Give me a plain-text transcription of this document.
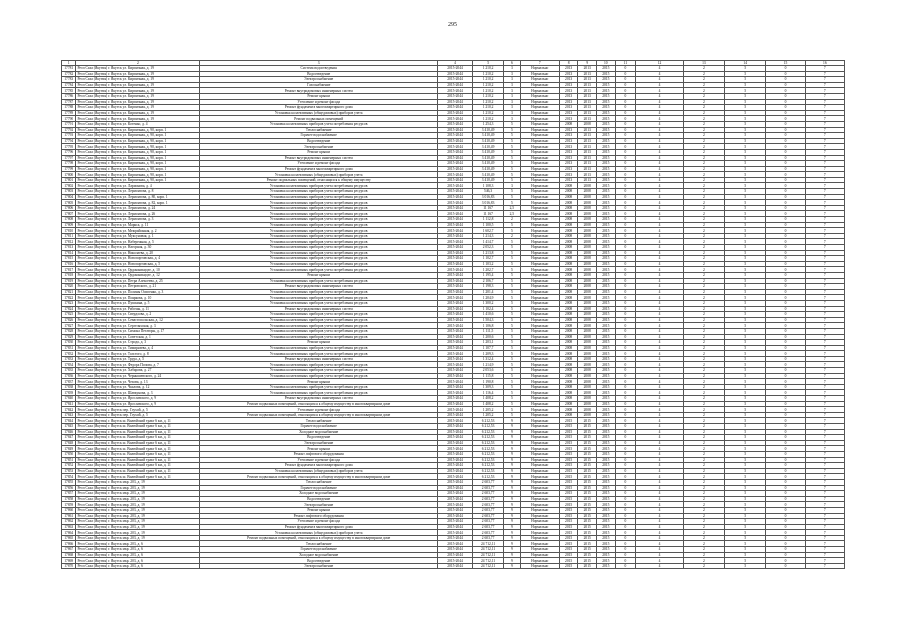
295
1	2	3	4	5	6	7	8	9	10	11	12	13	14	15	16
17781	Респ Саха (Якутия) г. Якутск ул. Кирпичная, д. 19	Система водоотведения	2015-2044	1 210,2	3	Нормально	2013	2013	2015	0	4	2	5	0	7
17782	Респ Саха (Якутия) г. Якутск ул. Кирпичная, д. 19	Водоотведение	2015-2044	1 210,2	3	Нормально	2013	2013	2015	0	4	2	5	0	7
17783	Респ Саха (Якутия) г. Якутск ул. Кирпичная, д. 19	Электроснабжение	2015-2044	1 210,2	3	Нормально	2013	2013	2015	0	4	2	5	0	7
17784	Респ Саха (Якутия) г. Якутск ул. Кирпичная, д. 19	Газоснабжение	2015-2044	1 210,2	3	Нормально	2013	2013	2015	0	4	2	5	0	7
17785	Респ Саха (Якутия) г. Якутск ул. Кирпичная, д. 19	Ремонт внутридомовых инженерных систем	2015-2044	1 210,2	3	Нормально	2013	2013	2015	0	4	2	5	0	7
17786	Респ Саха (Якутия) г. Якутск ул. Кирпичная, д. 19	Ремонт крыши	2015-2044	1 210,2	3	Нормально	2013	2013	2015	0	4	2	5	0	7
17787	Респ Саха (Якутия) г. Якутск ул. Кирпичная, д. 19	Утепление и ремонт фасада	2015-2044	1 210,2	3	Нормально	2013	2013	2015	0	4	2	5	0	7
17788	Респ Саха (Якутия) г. Якутск ул. Кирпичная, д. 19	Ремонт фундамента многоквартирного дома	2015-2044	1 210,2	3	Нормально	2013	2013	2015	0	4	2	5	0	7
17789	Респ Саха (Якутия) г. Якутск ул. Кирпичная, д. 19	Установка коллективных (общедомовых) приборов учета	2015-2044	1 210,2	3	Нормально	2013	2013	2015	0	4	2	5	0	7
17790	Респ Саха (Якутия) г. Якутск ул. Кирпичная, д. 19	Ремонт подвальных помещений	2015-2044	1 210,2	3	Нормально	2013	2013	2015	0	4	2	5	0	7
17791	Респ Саха (Якутия) г. Якутск ул. Котенко, д. 4	Установка коллективных приборов учета потребления ресурсов	2015-2044	1 254,3	5	Нормально	2008	2008	2015	0	4	2	5	0	7
17792	Респ Саха (Якутия) г. Якутск ул. Кирпичная, д. 90, корп. 1	Теплоснабжение	2015-2044	3 410,49	5	Нормально	2013	2013	2015	0	4	2	5	0	7
17793	Респ Саха (Якутия) г. Якутск ул. Кирпичная, д. 90, корп. 1	Горячее водоснабжение	2015-2044	3 410,49	5	Нормально	2013	2013	2015	0	4	2	5	0	7
17794	Респ Саха (Якутия) г. Якутск ул. Кирпичная, д. 90, корп. 1	Водоотведение	2015-2044	3 410,49	5	Нормально	2013	2013	2015	0	4	2	5	0	7
17795	Респ Саха (Якутия) г. Якутск ул. Кирпичная, д. 90, корп. 1	Электроснабжение	2015-2044	3 410,49	5	Нормально	2013	2013	2015	0	4	2	5	0	7
17796	Респ Саха (Якутия) г. Якутск ул. Кирпичная, д. 90, корп. 1	Ремонт крыши	2015-2044	3 410,49	5	Нормально	2013	2013	2015	0	4	2	5	0	7
17797	Респ Саха (Якутия) г. Якутск ул. Кирпичная, д. 90, корп. 1	Ремонт внутридомовых инженерных систем	2015-2044	3 410,49	5	Нормально	2013	2013	2015	0	4	2	5	0	7
17798	Респ Саха (Якутия) г. Якутск ул. Кирпичная, д. 90, корп. 1	Утепление и ремонт фасада	2015-2044	3 410,49	5	Нормально	2013	2013	2015	0	4	2	5	0	7
17799	Респ Саха (Якутия) г. Якутск ул. Кирпичная, д. 90, корп. 1	Ремонт фундамента многоквартирного дома	2015-2044	3 410,49	5	Нормально	2013	2013	2015	0	4	2	5	0	7
17800	Респ Саха (Якутия) г. Якутск ул. Кирпичная, д. 90, корп. 1	Установка коллективных (общедомовых) приборов учета	2015-2044	3 410,49	5	Нормально	2013	2013	2015	0	4	2	5	0	7
17801	Респ Саха (Якутия) г. Якутск ул. Кирпичная, д. 90, корп. 1	Ремонт подвальных помещений, относящихся к общему имуществу	2015-2044	3 410,49	5	Нормально	2013	2013	2015	0	4	2	5	0	7
17802	Респ Саха (Якутия) г. Якутск ул. Ларионова, д. 4	Установка коллективных приборов учета потребления ресурсов	2015-2044	1 108,3	3	Нормально	2008	2008	2015	0	4	2	5	0	7
17803	Респ Саха (Якутия) г. Якутск ул. Лермонтова, д. 8	Установка коллективных приборов учета потребления ресурсов	2015-2044	546,3	5	Нормально	2008	2008	2015	0	4	2	5	0	7
17804	Респ Саха (Якутия) г. Якутск ул. Лермонтова, д. 80, корп. 1	Установка коллективных приборов учета потребления ресурсов	2015-2044	3 016,83	5	Нормально	2008	2008	2015	0	4	2	5	0	7
17805	Респ Саха (Якутия) г. Якутск ул. Лермонтова, д. 82, корп. 1	Установка коллективных приборов учета потребления ресурсов	2015-2044	3 016,83	5	Нормально	2008	2008	2015	0	4	2	5	0	7
17806	Респ Саха (Якутия) г. Якутск ул. Лермонтова, д. 24	Установка коллективных приборов учета потребления ресурсов	2015-2044	11 167	2,5	Нормально	2008	2008	2015	0	4	2	5	0	7
17807	Респ Саха (Якутия) г. Якутск ул. Лермонтова, д. 26	Установка коллективных приборов учета потребления ресурсов	2015-2044	11 167	2,5	Нормально	2008	2008	2015	0	4	2	5	0	7
17808	Респ Саха (Якутия) г. Якутск ул. Лермонтова, д. 3	Установка коллективных приборов учета потребления ресурсов	2015-2044	1 112,8	2	Нормально	2008	2008	2015	0	4	2	5	0	7
17809	Респ Саха (Якутия) г. Якутск ул. Маркса, д. 11	Установка коллективных приборов учета потребления ресурсов	2015-2044	1 100,5	5	Нормально	2008	2008	2015	0	4	2	5	0	7
17810	Респ Саха (Якутия) г. Якутск ул. Межрайонная, д. 2	Установка коллективных приборов учета потребления ресурсов	2015-2044	1 602,7	5	Нормально	2008	2008	2015	0	4	2	5	0	7
17811	Респ Саха (Якутия) г. Якутск ул. Муксуновая, д. 1	Установка коллективных приборов учета потребления ресурсов	2015-2044	1 214,3	2	Нормально	2008	2008	2015	0	4	2	5	0	7
17812	Респ Саха (Якутия) г. Якутск ул. Набережная, д. 5	Установка коллективных приборов учета потребления ресурсов	2015-2044	1 414,7	5	Нормально	2008	2008	2015	0	4	2	5	0	7
17813	Респ Саха (Якутия) г. Якутск ул. Нагорная, д. 30	Установка коллективных приборов учета потребления ресурсов	2015-2044	2 052,3	5	Нормально	2008	2008	2015	0	4	2	5	0	7
17814	Респ Саха (Якутия) г. Якутск ул. Николаева, д. 20	Установка коллективных приборов учета потребления ресурсов	2015-2044	1 213,8	5	Нормально	2008	2008	2015	0	4	2	5	0	7
17815	Респ Саха (Якутия) г. Якутск ул. Новопортовская, д. 4	Установка коллективных приборов учета потребления ресурсов	2015-2044	1 102,7	5	Нормально	2008	2008	2015	0	4	2	5	0	7
17816	Респ Саха (Якутия) г. Якутск ул. Новопортовская, д. 5	Установка коллективных приборов учета потребления ресурсов	2015-2044	1 103,2	5	Нормально	2008	2008	2015	0	4	2	5	0	7
17817	Респ Саха (Якутия) г. Якутск ул. Орджоникидзе, д. 10	Установка коллективных приборов учета потребления ресурсов	2015-2044	1 202,7	5	Нормально	2008	2008	2015	0	4	2	5	0	7
17818	Респ Саха (Якутия) г. Якутск ул. Орджоникидзе, д. 12	Ремонт крыши	2015-2044	1 195,4	5	Нормально	2008	2008	2015	0	4	2	5	0	7
17819	Респ Саха (Якутия) г. Якутск ул. Петра Алексеева, д. 25	Установка коллективных приборов учета потребления ресурсов	2015-2044	2 106,7	5	Нормально	2008	2008	2015	0	4	2	5	0	7
17820	Респ Саха (Якутия) г. Якутск ул. Петровского, д. 21	Ремонт внутридомовых инженерных систем	2015-2044	1 198,3	5	Нормально	2008	2008	2015	0	4	2	5	0	7
17821	Респ Саха (Якутия) г. Якутск ул. Полины Осипенко, д. 3	Установка коллективных приборов учета потребления ресурсов	2015-2044	1 201,4	5	Нормально	2008	2008	2015	0	4	2	5	0	7
17822	Респ Саха (Якутия) г. Якутск ул. Пояркова, д. 10	Установка коллективных приборов учета потребления ресурсов	2015-2044	1 204,9	5	Нормально	2008	2008	2015	0	4	2	5	0	7
17823	Респ Саха (Якутия) г. Якутск ул. Пушкина, д. 5	Установка коллективных приборов учета потребления ресурсов	2015-2044	1 300,2	5	Нормально	2008	2008	2015	0	4	2	5	0	7
17824	Респ Саха (Якутия) г. Якутск ул. Рабочая, д. 11	Ремонт внутридомовых инженерных систем	2015-2044	1 102,4	5	Нормально	2008	2008	2015	0	4	2	5	0	7
17825	Респ Саха (Якутия) г. Якутск ул. Свердлова, д. 2	Установка коллективных приборов учета потребления ресурсов	2015-2044	1 410,6	5	Нормально	2008	2008	2015	0	4	2	5	0	7
17826	Респ Саха (Якутия) г. Якутск ул. Севастопольская, д. 12	Установка коллективных приборов учета потребления ресурсов	2015-2044	1 504,3	5	Нормально	2008	2008	2015	0	4	2	5	0	7
17827	Респ Саха (Якутия) г. Якутск ул. Сергеляхская, д. 3	Установка коллективных приборов учета потребления ресурсов	2015-2044	1 106,8	5	Нормально	2008	2008	2015	0	4	2	5	0	7
17828	Респ Саха (Якутия) г. Якутск ул. Симона Петлюры, д. 17	Установка коллективных приборов учета потребления ресурсов	2015-2044	1 111,5	5	Нормально	2008	2008	2015	0	4	2	5	0	7
17829	Респ Саха (Якутия) г. Якутск ул. Советская, д. 1	Установка коллективных приборов учета потребления ресурсов	2015-2044	1 200,6	5	Нормально	2008	2008	2015	0	4	2	5	0	7
17830	Респ Саха (Якутия) г. Якутск ул. Строда, д. 3	Ремонт крыши	2015-2044	1 203,1	5	Нормально	2008	2008	2015	0	4	2	5	0	7
17831	Респ Саха (Якутия) г. Якутск ул. Тимирязева, д. 4	Установка коллективных приборов учета потребления ресурсов	2015-2044	1 107,7	5	Нормально	2008	2008	2015	0	4	2	5	0	7
17832	Респ Саха (Якутия) г. Якутск ул. Толстого, д. 8	Установка коллективных приборов учета потребления ресурсов	2015-2044	1 209,3	5	Нормально	2008	2008	2015	0	4	2	5	0	7
17833	Респ Саха (Якутия) г. Якутск ул. Труда, д. 5	Ремонт внутридомовых инженерных систем	2015-2044	1 312,4	5	Нормально	2008	2008	2015	0	4	2	5	0	7
17834	Респ Саха (Якутия) г. Якутск ул. Федора Попова, д. 7	Установка коллективных приборов учета потребления ресурсов	2015-2044	1 214,9	5	Нормально	2008	2008	2015	0	4	2	5	0	7
17835	Респ Саха (Якутия) г. Якутск ул. Хабарова, д. 27	Установка коллективных приборов учета потребления ресурсов	2015-2044	2 053,6	5	Нормально	2008	2008	2015	0	4	2	5	0	7
17836	Респ Саха (Якутия) г. Якутск ул. Чернышевского, д. 24	Установка коллективных приборов учета потребления ресурсов	2015-2044	1 115,8	5	Нормально	2008	2008	2015	0	4	2	5	0	7
17837	Респ Саха (Якутия) г. Якутск ул. Чехова, д. 13	Ремонт крыши	2015-2044	1 190,8	5	Нормально	2008	2008	2015	0	4	2	5	0	7
17838	Респ Саха (Якутия) г. Якутск ул. Чкалова, д. 12	Установка коллективных приборов учета потребления ресурсов	2015-2044	1 309,3	5	Нормально	2008	2008	2015	0	4	2	5	0	7
17839	Респ Саха (Якутия) г. Якутск ул. Шавкунова, д. 3	Установка коллективных приборов учета потребления ресурсов	2015-2044	1 116,4	5	Нормально	2008	2008	2015	0	4	2	5	0	7
17840	Респ Саха (Якутия) г. Якутск ул. Ярославского, д. 9	Ремонт внутридомовых инженерных систем	2015-2044	1 408,2	5	Нормально	2008	2008	2015	0	4	2	5	0	7
17841	Респ Саха (Якутия) г. Якутск ул. Ярославского, д. 9	Ремонт подвальных помещений, относящихся к общему имуществу в многоквартирном доме	2015-2044	1 408,2	5	Нормально	2008	2008	2015	0	4	2	5	0	7
17842	Респ Саха (Якутия) г. Якутск пер. Глухой, д. 5	Утепление и ремонт фасада	2015-2044	1 205,2	5	Нормально	2008	2008	2015	0	4	2	5	0	7
17843	Респ Саха (Якутия) г. Якутск пер. Глухой, д. 5	Ремонт подвальных помещений, относящихся к общему имуществу в многоквартирном доме	2015-2044	1 205,2	5	Нормально	2008	2008	2015	0	4	2	5	0	7
17844	Респ Саха (Якутия) г. Якутск ш. Вилюйский тракт 6 км, д. 11	Теплоснабжение	2015-2044	6 212,53	9	Нормально	2015	2015	2015	0	4	2	5	0	7
17845	Респ Саха (Якутия) г. Якутск ш. Вилюйский тракт 6 км, д. 11	Горячее водоснабжение	2015-2044	6 212,53	9	Нормально	2015	2015	2015	0	4	2	5	0	7
17846	Респ Саха (Якутия) г. Якутск ш. Вилюйский тракт 6 км, д. 11	Холодное водоснабжение	2015-2044	6 212,53	9	Нормально	2015	2015	2015	0	4	2	5	0	7
17847	Респ Саха (Якутия) г. Якутск ш. Вилюйский тракт 6 км, д. 11	Водоотведение	2015-2044	6 212,53	9	Нормально	2015	2015	2015	0	4	2	5	0	7
17848	Респ Саха (Якутия) г. Якутск ш. Вилюйский тракт 6 км, д. 11	Электроснабжение	2015-2044	6 212,53	9	Нормально	2015	2015	2015	0	4	2	5	0	7
17849	Респ Саха (Якутия) г. Якутск ш. Вилюйский тракт 6 км, д. 11	Ремонт крыши	2015-2044	6 212,53	9	Нормально	2015	2015	2015	0	4	2	5	0	7
17850	Респ Саха (Якутия) г. Якутск ш. Вилюйский тракт 6 км, д. 11	Ремонт лифтового оборудования	2015-2044	6 212,53	9	Нормально	2015	2015	2015	0	4	2	5	0	7
17851	Респ Саха (Якутия) г. Якутск ш. Вилюйский тракт 6 км, д. 11	Утепление и ремонт фасада	2015-2044	6 212,53	9	Нормально	2015	2015	2015	0	4	2	5	0	7
17852	Респ Саха (Якутия) г. Якутск ш. Вилюйский тракт 6 км, д. 11	Ремонт фундамента многоквартирного дома	2015-2044	6 212,53	9	Нормально	2015	2015	2015	0	4	2	5	0	7
17853	Респ Саха (Якутия) г. Якутск ш. Вилюйский тракт 6 км, д. 11	Установка коллективных (общедомовых) приборов учета	2015-2044	6 212,53	9	Нормально	2015	2015	2015	0	4	2	5	0	7
17854	Респ Саха (Якутия) г. Якутск ш. Вилюйский тракт 6 км, д. 11	Ремонт подвальных помещений, относящихся к общему имуществу в многоквартирном доме	2015-2044	6 212,53	9	Нормально	2015	2015	2015	0	4	2	5	0	7
17855	Респ Саха (Якутия) г. Якутск мкр. 203, д. 19	Теплоснабжение	2015-2044	2 603,77	9	Нормально	2015	2015	2015	0	4	2	5	0	7
17856	Респ Саха (Якутия) г. Якутск мкр. 203, д. 19	Горячее водоснабжение	2015-2044	2 603,77	9	Нормально	2015	2015	2015	0	4	2	5	0	7
17857	Респ Саха (Якутия) г. Якутск мкр. 203, д. 19	Холодное водоснабжение	2015-2044	2 603,77	9	Нормально	2015	2015	2015	0	4	2	5	0	7
17858	Респ Саха (Якутия) г. Якутск мкр. 203, д. 19	Водоотведение	2015-2044	2 603,77	9	Нормально	2015	2015	2015	0	4	2	5	0	7
17859	Респ Саха (Якутия) г. Якутск мкр. 203, д. 19	Электроснабжение	2015-2044	2 603,77	9	Нормально	2015	2015	2015	0	4	2	5	0	7
17860	Респ Саха (Якутия) г. Якутск мкр. 203, д. 19	Ремонт крыши	2015-2044	2 603,77	9	Нормально	2015	2015	2015	0	4	2	5	0	7
17861	Респ Саха (Якутия) г. Якутск мкр. 203, д. 19	Ремонт лифтового оборудования	2015-2044	2 603,77	9	Нормально	2015	2015	2015	0	4	2	5	0	7
17862	Респ Саха (Якутия) г. Якутск мкр. 203, д. 19	Утепление и ремонт фасада	2015-2044	2 603,77	9	Нормально	2015	2015	2015	0	4	2	5	0	7
17863	Респ Саха (Якутия) г. Якутск мкр. 203, д. 19	Ремонт фундамента многоквартирного дома	2015-2044	2 603,77	9	Нормально	2015	2015	2015	0	4	2	5	0	7
17864	Респ Саха (Якутия) г. Якутск мкр. 203, д. 19	Установка коллективных (общедомовых) приборов учета	2015-2044	2 603,77	9	Нормально	2015	2015	2015	0	4	2	5	0	7
17865	Респ Саха (Якутия) г. Якутск мкр. 203, д. 19	Ремонт подвальных помещений, относящихся к общему имуществу в многоквартирном доме	2015-2044	2 603,77	9	Нормально	2015	2015	2015	0	4	2	5	0	7
17866	Респ Саха (Якутия) г. Якутск мкр. 203, д. 6	Теплоснабжение	2015-2044	24 712,11	9	Нормально	2015	2015	2015	0	4	2	5	0	7
17867	Респ Саха (Якутия) г. Якутск мкр. 203, д. 6	Горячее водоснабжение	2015-2044	24 712,11	9	Нормально	2015	2015	2015	0	4	2	5	0	7
17868	Респ Саха (Якутия) г. Якутск мкр. 203, д. 6	Холодное водоснабжение	2015-2044	24 712,11	9	Нормально	2015	2015	2015	0	4	2	5	0	7
17869	Респ Саха (Якутия) г. Якутск мкр. 203, д. 6	Водоотведение	2015-2044	24 712,11	9	Нормально	2015	2015	2015	0	4	2	5	0	7
17870	Респ Саха (Якутия) г. Якутск мкр. 203, д. 6	Электроснабжение	2015-2044	24 712,11	9	Нормально	2015	2015	2015	0	4	2	5	0	7
